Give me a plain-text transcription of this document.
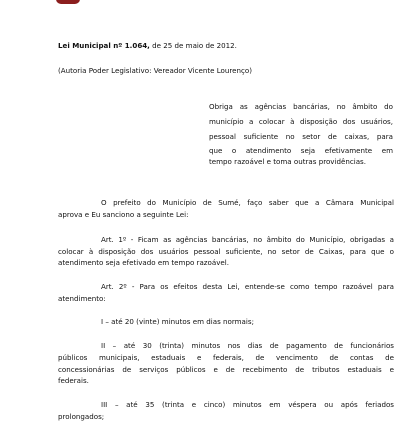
Lei Municipal nº 1.064, de 25 de maio de 2012.
(Autoria Poder Legislativo: Vereador Vicente Lourenço)
Obriga as agências bancárias, no âmbito do
município a colocar à disposição dos usuários,
pessoal suficiente no setor de caixas, para
que o atendimento seja efetivamente em
tempo razoável e toma outras providências.
O prefeito do Município de Sumé, faço saber que a Câmara Municipal
aprova e Eu sanciono a seguinte Lei:
Art. 1º - Ficam as agências bancárias, no âmbito do Município, obrigadas a
colocar à disposição dos usuários pessoal suficiente, no setor de Caixas, para que o
atendimento seja efetivado em tempo razoável.
Art. 2º - Para os efeitos desta Lei, entende-se como tempo razoável para
atendimento:
I – até 20 (vinte) minutos em dias normais;
II – até 30 (trinta) minutos nos dias de pagamento de funcionários
públicos municipais, estaduais e federais, de vencimento de contas de
concessionárias de serviços públicos e de recebimento de tributos estaduais e
federais.
III – até 35 (trinta e cinco) minutos em véspera ou após feriados
prolongados;
